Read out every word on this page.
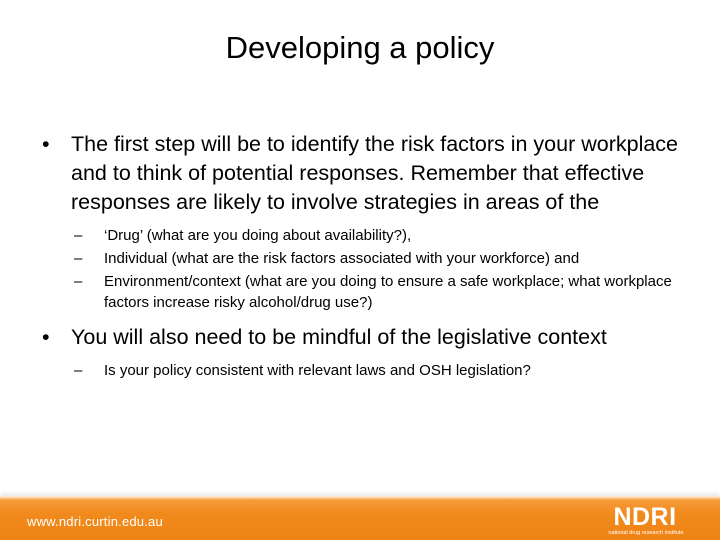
Developing a policy
• The first step will be to identify the risk factors in your workplace and to think of potential responses. Remember that effective responses are likely to involve strategies in areas of the
– ‘Drug’ (what are you doing about availability?),
– Individual (what are the risk factors associated with your workforce) and
– Environment/context (what are you doing to ensure a safe workplace; what workplace factors increase risky alcohol/drug use?)
• You will also need to be mindful of the legislative context
– Is your policy consistent with relevant laws and OSH legislation?
www.ndri.curtin.edu.au	NDRI
national drug research institute
